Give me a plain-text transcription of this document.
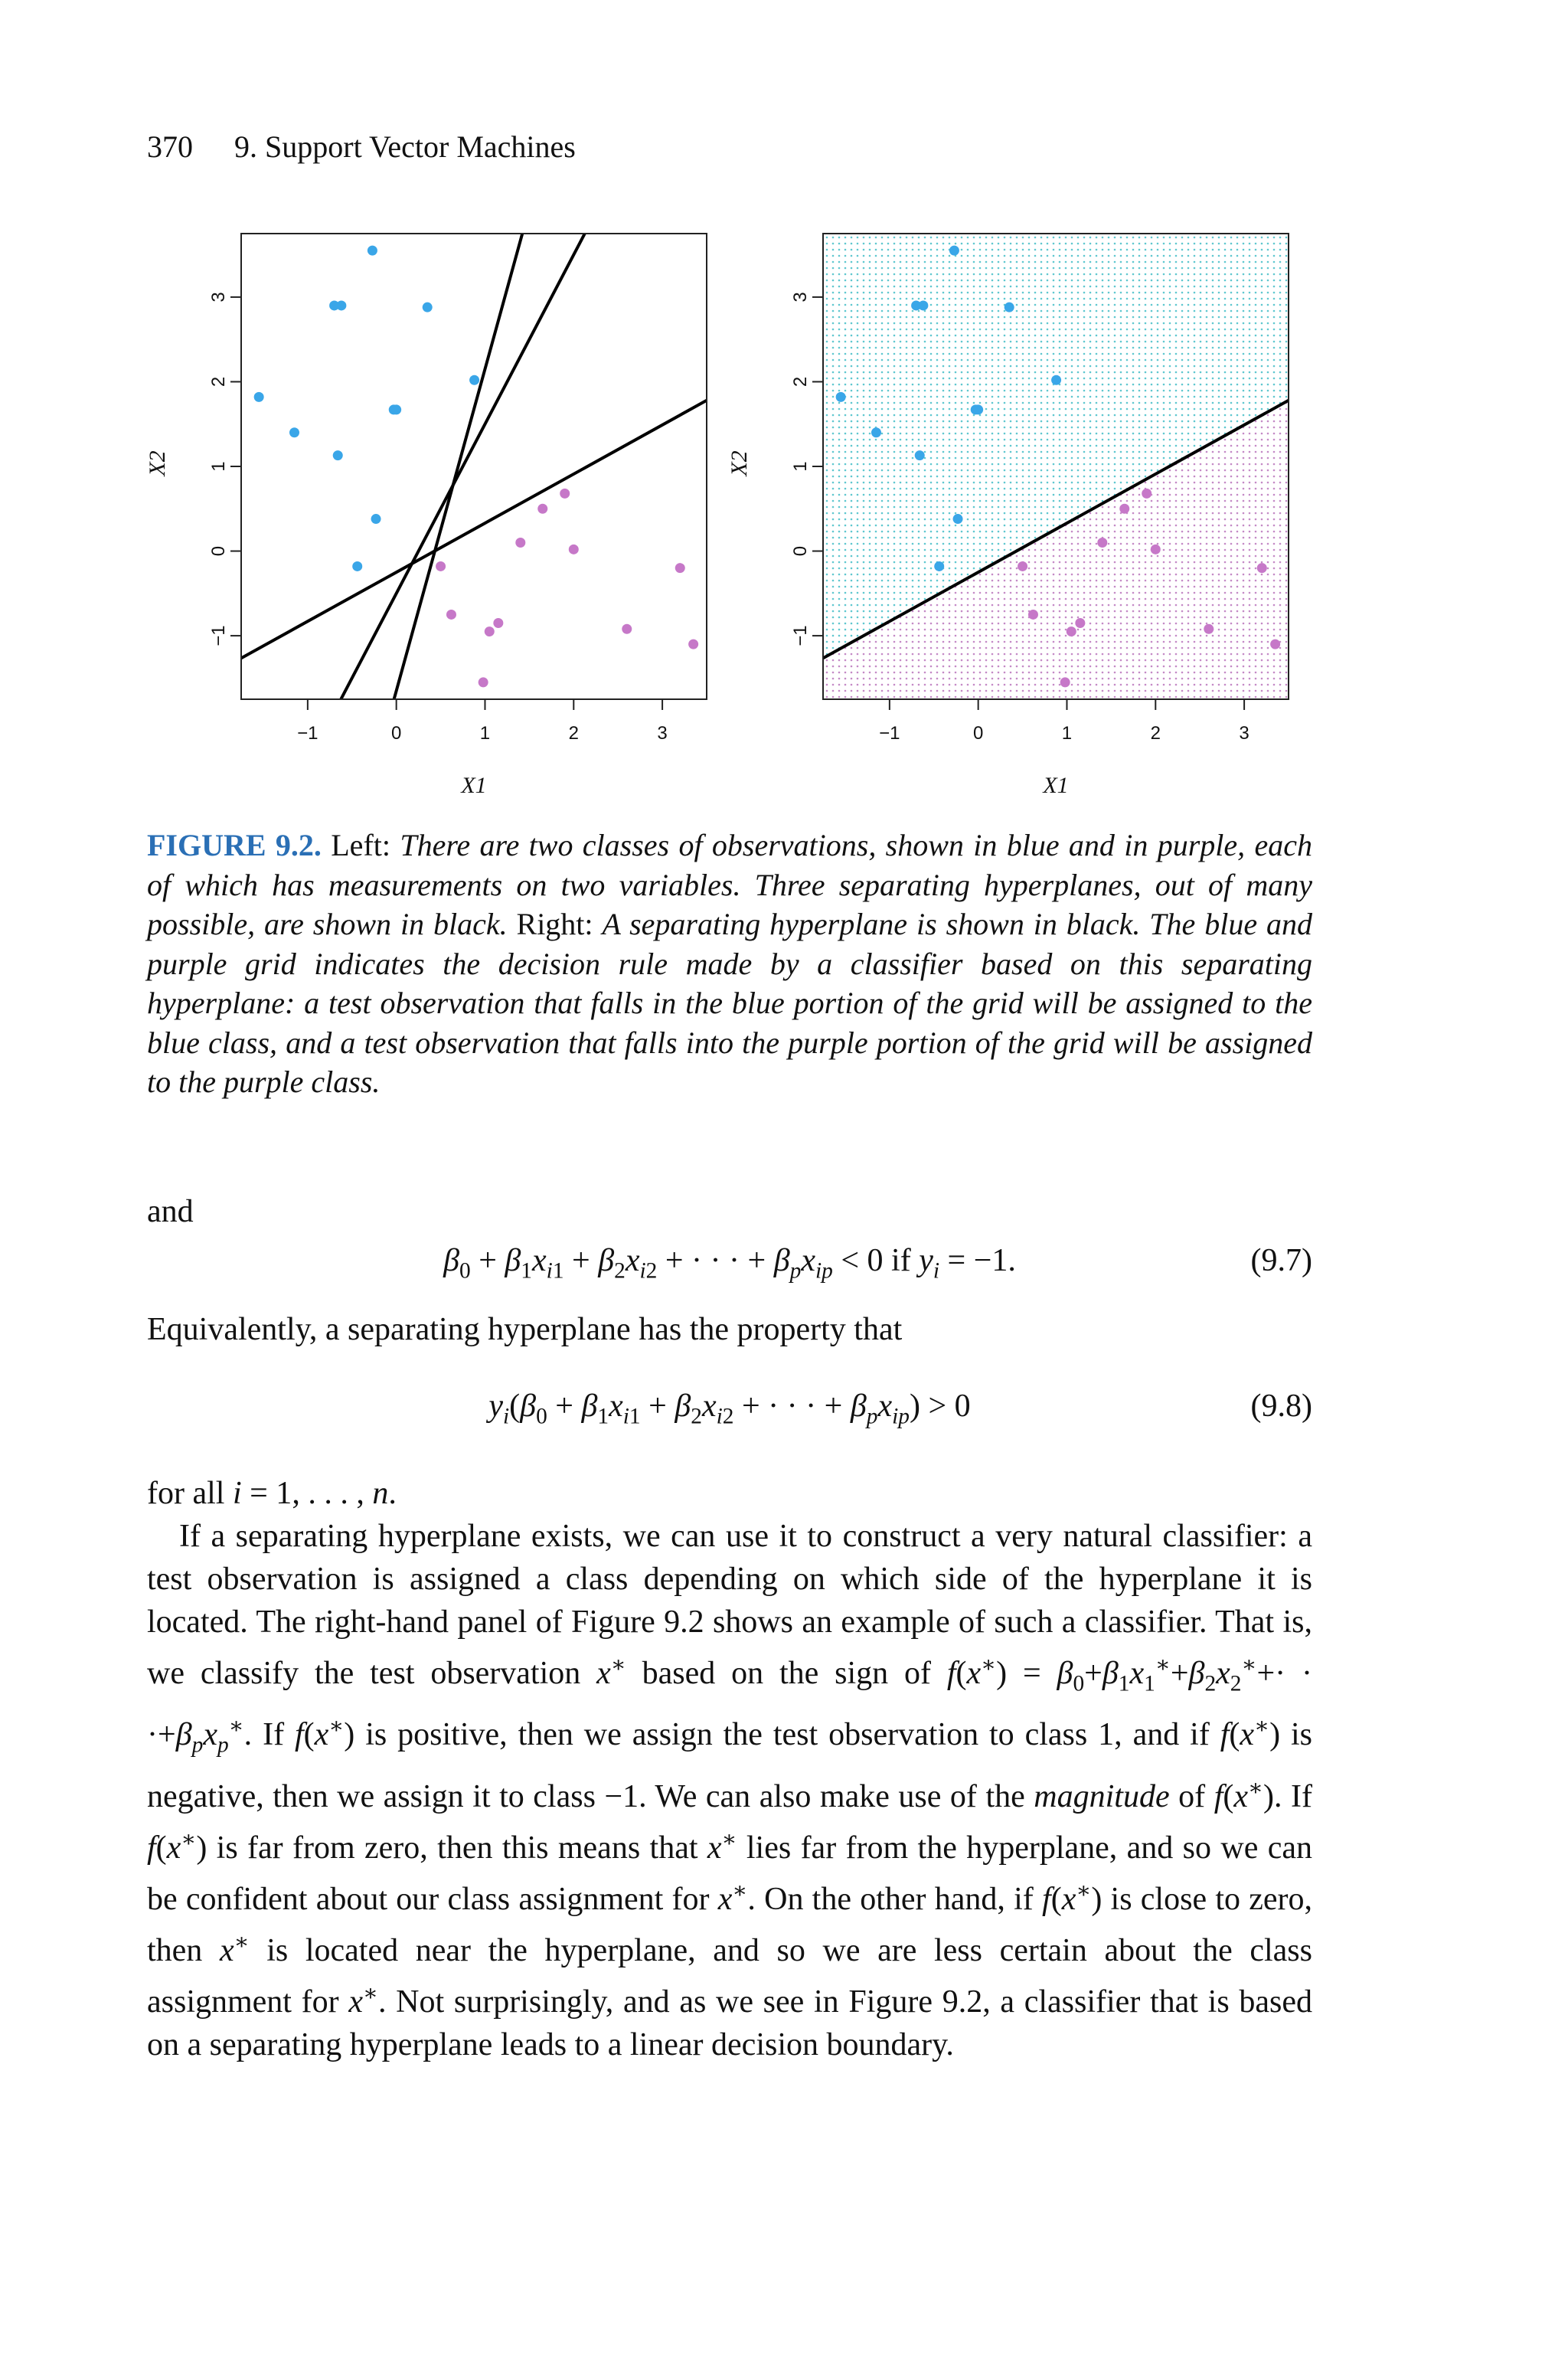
370 9. Support Vector Machines
−1
−1
0
0
1
1
2
2
3
3
X1
X2
−1
−1
0
0
1
1
2
2
3
3
X1
X2
FIGURE 9.2. Left: There are two classes of observations, shown in blue and in purple, each of which has measurements on two variables. Three separating hyperplanes, out of many possible, are shown in black. Right: A separating hyperplane is shown in black. The blue and purple grid indicates the decision rule made by a classifier based on this separating hyperplane: a test observation that falls in the blue portion of the grid will be assigned to the blue class, and a test observation that falls into the purple portion of the grid will be assigned to the purple class.
and
$\beta_0 + \beta_1x_{i1} + \beta_2x_{i2}$ + · · · + $\beta_px_{ip} < 0$ if $y_i = -1$.	(9.7)
Equivalently, a separating hyperplane has the property that
$y_i(\beta_0 + \beta_1x_{i1} + \beta_2x_{i2}$ + · · · + $\beta_px_{ip}) > 0$	(9.8)
for all i = 1, . . . , n.
If a separating hyperplane exists, we can use it to construct a very natural classifier: a test observation is assigned a class depending on which side of the hyperplane it is located. The right-hand panel of Figure 9.2 shows an example of such a classifier. That is, we classify the test observation x∗ based on the sign of $f(x^∗) = \beta_0+\beta_1x_1^∗+\beta_2x_2^∗+\cdot \cdot \cdot+\beta_px_p^∗$. If f(x∗) is positive, then we assign the test observation to class 1, and if f(x∗) is negative, then we assign it to class −1. We can also make use of the magnitude of f(x∗). If f(x∗) is far from zero, then this means that x∗ lies far from the hyperplane, and so we can be confident about our class assignment for x∗. On the other hand, if f(x∗) is close to zero, then x∗ is located near the hyperplane, and so we are less certain about the class assignment for x∗. Not surprisingly, and as we see in Figure 9.2, a classifier that is based on a separating hyperplane leads to a linear decision boundary.
